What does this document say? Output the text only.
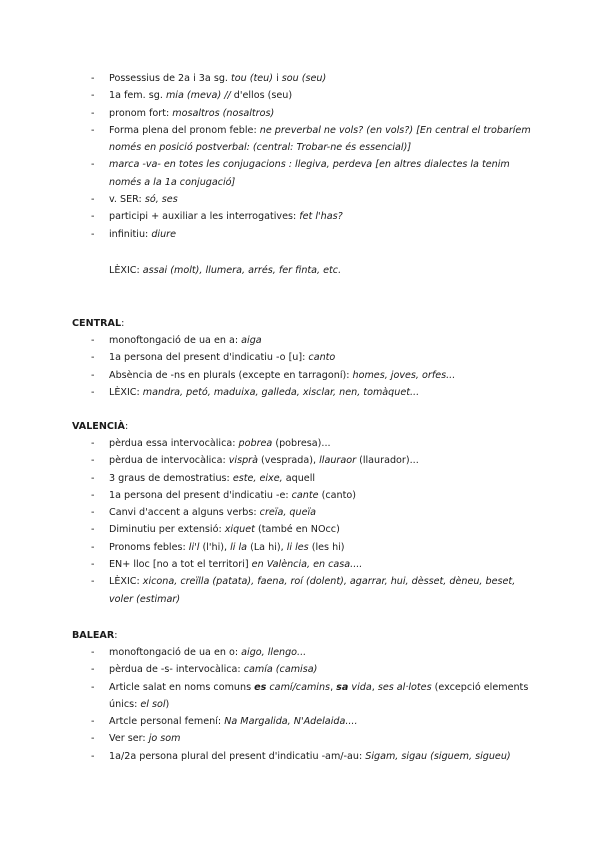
- Possessius de 2a i 3a sg. tou (teu) i sou (seu)
- 1a fem. sg. mia (meva) // d'ellos (seu)
- pronom fort: mosaltros (nosaltros)
- Forma plena del pronom feble: ne preverbal ne vols? (en vols?) [En central el trobaríem només en posició postverbal: (central: Trobar-ne és essencial)]
- marca -va- en totes les conjugacions : llegiva, perdeva [en altres dialectes la tenim només a la 1a conjugació]
- v. SER: só, ses
- participi + auxiliar a les interrogatives: fet l'has?
- infinitiu: diure
LÈXIC: assai (molt), llumera, arrés, fer finta, etc.
CENTRAL:
- monoftongació de ua en a: aiga
- 1a persona del present d'indicatiu -o [u]: canto
- Absència de -ns en plurals (excepte en tarragoní): homes, joves, orfes...
- LÈXIC: mandra, petó, maduixa, galleda, xisclar, nen, tomàquet...
VALENCIÀ:
- pèrdua essa intervocàlica: pobrea (pobresa)...
- pèrdua de intervocàlica: visprà (vesprada), llauraor (llaurador)...
- 3 graus de demostratius: este, eixe, aquell
- 1a persona del present d'indicatiu -e: cante (canto)
- Canvi d'accent a alguns verbs: creïa, queïa
- Diminutiu per extensió: xiquet (també en NOcc)
- Pronoms febles: li'l (l'hi), li la (La hi), li les (les hi)
- EN+ lloc [no a tot el territori] en València, en casa....
- LÈXIC: xicona, creïlla (patata), faena, roí (dolent), agarrar, hui, dèsset, dèneu, beset, voler (estimar)
BALEAR:
- monoftongació de ua en o: aigo, llengo...
- pèrdua de -s- intervocàlica: camía (camisa)
- Article salat en noms comuns es camí/camins, sa vida, ses al·lotes (excepció elements únics: el sol)
- Artcle personal femení: Na Margalida, N'Adelaida....
- Ver ser: jo som
- 1a/2a persona plural del present d'indicatiu -am/-au: Sigam, sigau (siguem, sigueu)
